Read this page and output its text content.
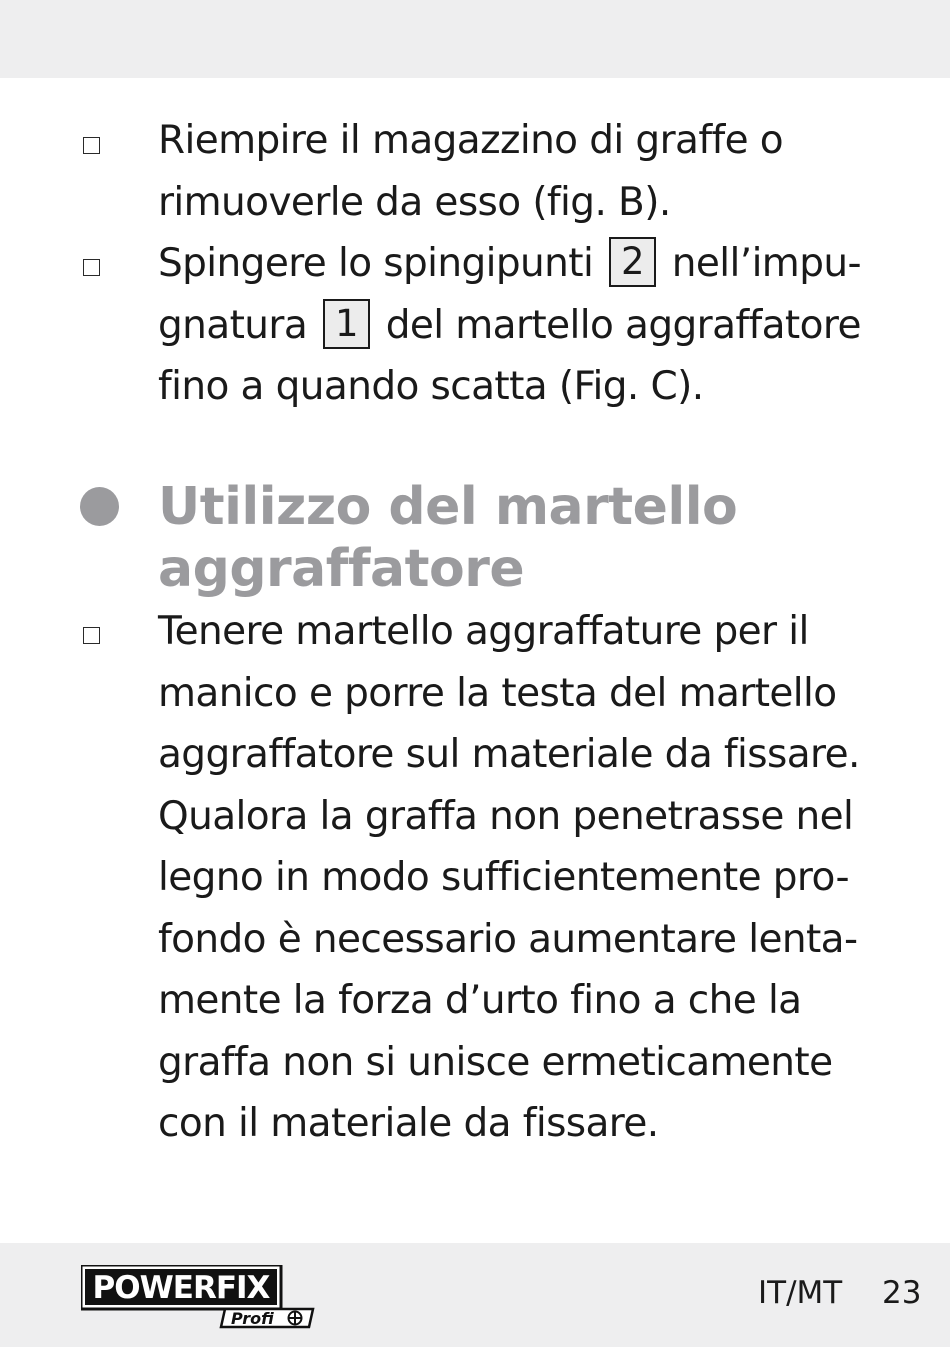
Riempire il magazzino di graffe o
rimuoverle da esso (fig. B).
Spingere lo spingipunti 2 nell’impu-
gnatura 1 del martello aggraffatore
fino a quando scatta (Fig. C).
Utilizzo del martello
aggraffatore
Tenere martello aggraffature per il
manico e porre la testa del martello
aggraffatore sul materiale da fissare.
Qualora la graffa non penetrasse nel
legno in modo sufficientemente pro-
fondo è necessario aumentare lenta-
mente la forza d’urto fino a che la
graffa non si unisce ermeticamente
con il materiale da fissare.
POWERFIX
Profi
IT/MT 23
